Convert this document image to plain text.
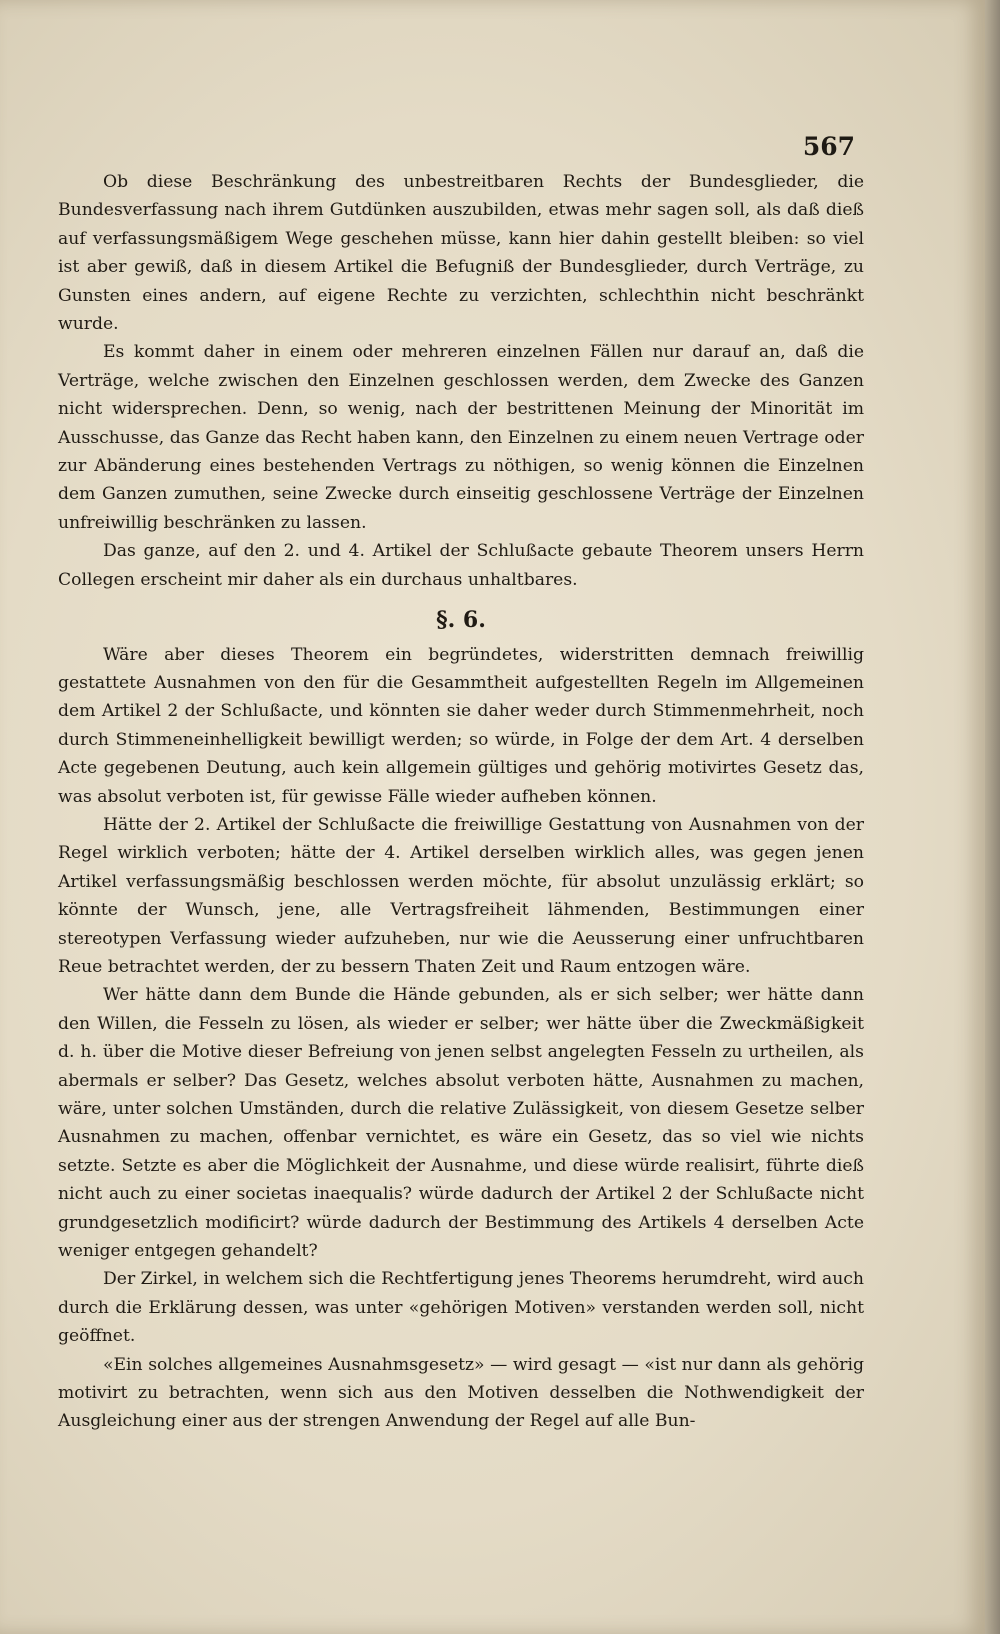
567

Ob diese Beschränkung des unbestreitbaren Rechts der Bundesglieder, die Bundesverfassung nach ihrem Gutdünken auszubilden, etwas mehr sagen soll, als daß dieß auf verfassungsmäßigem Wege geschehen müsse, kann hier dahin gestellt bleiben: so viel ist aber gewiß, daß in diesem Artikel die Befugniß der Bundesglieder, durch Verträge, zu Gunsten eines andern, auf eigene Rechte zu verzichten, schlechthin nicht beschränkt wurde.

Es kommt daher in einem oder mehreren einzelnen Fällen nur darauf an, daß die Verträge, welche zwischen den Einzelnen geschlossen werden, dem Zwecke des Ganzen nicht widersprechen. Denn, so wenig, nach der bestrittenen Meinung der Minorität im Ausschusse, das Ganze das Recht haben kann, den Einzelnen zu einem neuen Vertrage oder zur Abänderung eines bestehenden Vertrags zu nöthigen, so wenig können die Einzelnen dem Ganzen zumuthen, seine Zwecke durch einseitig geschlossene Verträge der Einzelnen unfreiwillig beschränken zu lassen.

Das ganze, auf den 2. und 4. Artikel der Schlußacte gebaute Theorem unsers Herrn Collegen erscheint mir daher als ein durchaus unhaltbares.

§. 6.

Wäre aber dieses Theorem ein begründetes, widerstritten demnach freiwillig gestattete Ausnahmen von den für die Gesammtheit aufgestellten Regeln im Allgemeinen dem Artikel 2 der Schlußacte, und könnten sie daher weder durch Stimmenmehrheit, noch durch Stimmeneinhelligkeit bewilligt werden; so würde, in Folge der dem Art. 4 derselben Acte gegebenen Deutung, auch kein allgemein gültiges und gehörig motivirtes Gesetz das, was absolut verboten ist, für gewisse Fälle wieder aufheben können.

Hätte der 2. Artikel der Schlußacte die freiwillige Gestattung von Ausnahmen von der Regel wirklich verboten; hätte der 4. Artikel derselben wirklich alles, was gegen jenen Artikel verfassungsmäßig beschlossen werden möchte, für absolut unzulässig erklärt; so könnte der Wunsch, jene, alle Vertragsfreiheit lähmenden, Bestimmungen einer stereotypen Verfassung wieder aufzuheben, nur wie die Aeusserung einer unfruchtbaren Reue betrachtet werden, der zu bessern Thaten Zeit und Raum entzogen wäre.

Wer hätte dann dem Bunde die Hände gebunden, als er sich selber; wer hätte dann den Willen, die Fesseln zu lösen, als wieder er selber; wer hätte über die Zweckmäßigkeit d. h. über die Motive dieser Befreiung von jenen selbst angelegten Fesseln zu urtheilen, als abermals er selber? Das Gesetz, welches absolut verboten hätte, Ausnahmen zu machen, wäre, unter solchen Umständen, durch die relative Zulässigkeit, von diesem Gesetze selber Ausnahmen zu machen, offenbar vernichtet, es wäre ein Gesetz, das so viel wie nichts setzte. Setzte es aber die Möglichkeit der Ausnahme, und diese würde realisirt, führte dieß nicht auch zu einer societas inaequalis? würde dadurch der Artikel 2 der Schlußacte nicht grundgesetzlich modificirt? würde dadurch der Bestimmung des Artikels 4 derselben Acte weniger entgegen gehandelt?

Der Zirkel, in welchem sich die Rechtfertigung jenes Theorems herumdreht, wird auch durch die Erklärung dessen, was unter «gehörigen Motiven» verstanden werden soll, nicht geöffnet.

«Ein solches allgemeines Ausnahmsgesetz» — wird gesagt — «ist nur dann als gehörig motivirt zu betrachten, wenn sich aus den Motiven desselben die Nothwendigkeit der Ausgleichung einer aus der strengen Anwendung der Regel auf alle Bun-
